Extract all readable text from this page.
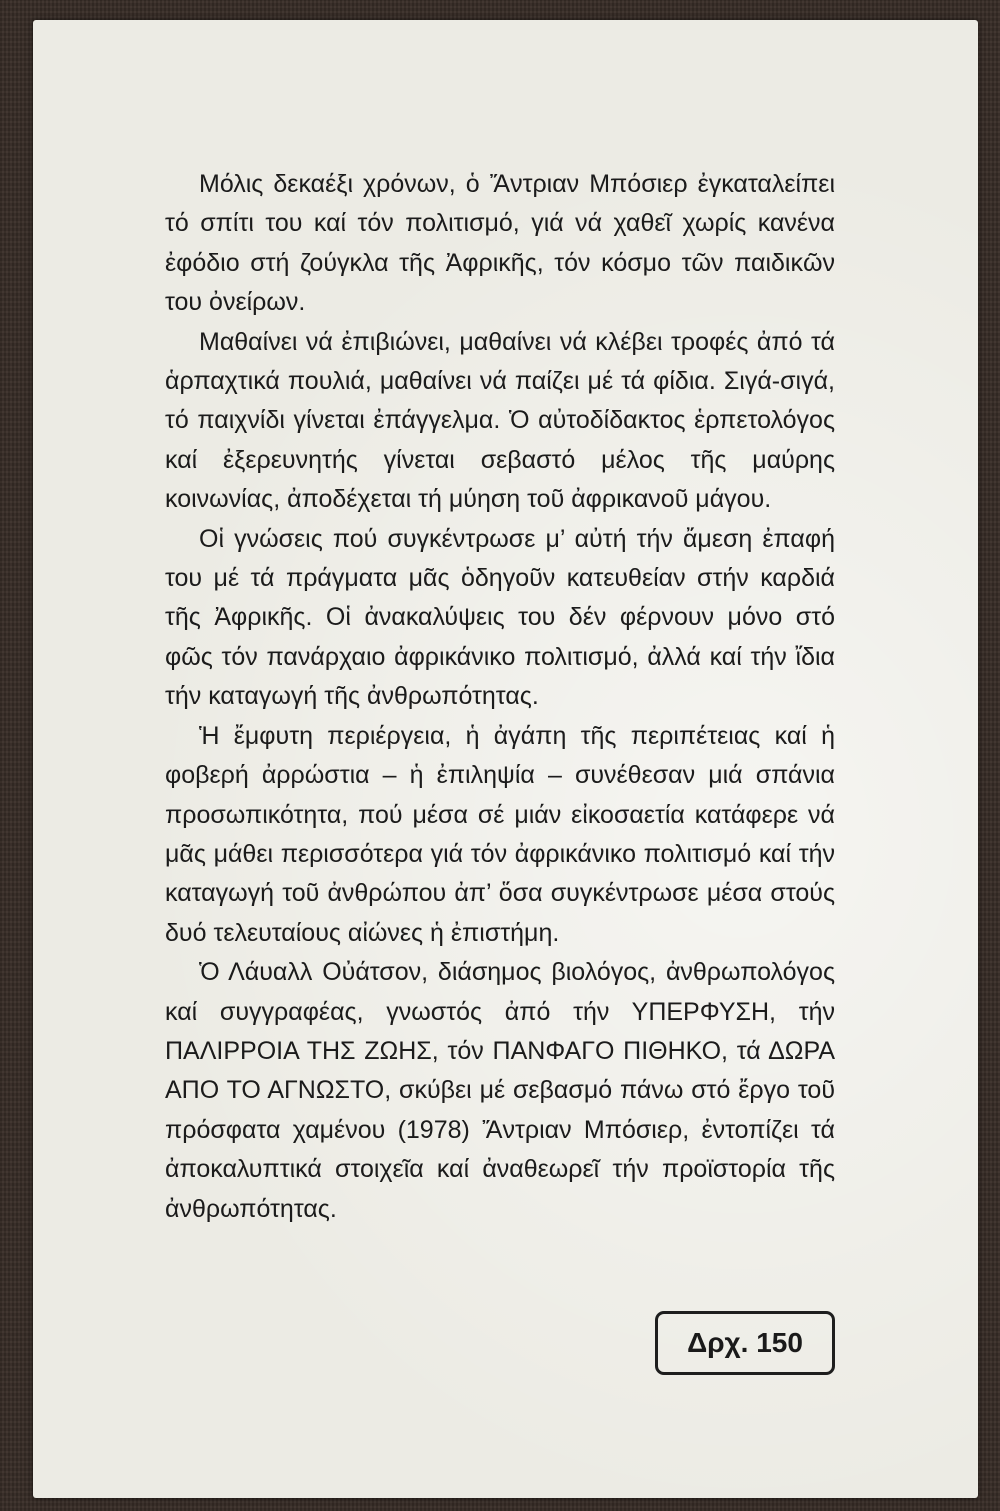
Μόλις δεκαέξι χρόνων, ὁ Ἄντριαν Μπόσιερ ἐγκαταλείπει τό σπίτι του καί τόν πολιτισμό, γιά νά χαθεῖ χωρίς κανένα ἐφόδιο στή ζούγκλα τῆς Ἀφρικῆς, τόν κόσμο τῶν παιδικῶν του ὀνείρων.

Μαθαίνει νά ἐπιβιώνει, μαθαίνει νά κλέβει τροφές ἀπό τά ἁρπαχτικά πουλιά, μαθαίνει νά παίζει μέ τά φίδια. Σιγά-σιγά, τό παιχνίδι γίνεται ἐπάγγελμα. Ὁ αὐτοδίδακτος ἑρπετολόγος καί ἐξερευνητής γίνεται σεβαστό μέλος τῆς μαύρης κοινωνίας, ἀποδέχεται τή μύηση τοῦ ἀφρικανοῦ μάγου.

Οἱ γνώσεις πού συγκέντρωσε μ’ αὐτή τήν ἄμεση ἐπαφή του μέ τά πράγματα μᾶς ὁδηγοῦν κατευθείαν στήν καρδιά τῆς Ἀφρικῆς. Οἱ ἀνακαλύψεις του δέν φέρνουν μόνο στό φῶς τόν πανάρχαιο ἀφρικάνικο πολιτισμό, ἀλλά καί τήν ἴδια τήν καταγωγή τῆς ἀνθρωπότητας.

Ἡ ἔμφυτη περιέργεια, ἡ ἀγάπη τῆς περιπέτειας καί ἡ φοβερή ἀρρώστια – ἡ ἐπιληψία – συνέθεσαν μιά σπάνια προσωπικότητα, πού μέσα σέ μιάν εἰκοσαετία κατάφερε νά μᾶς μάθει περισσότερα γιά τόν ἀφρικάνικο πολιτισμό καί τήν καταγωγή τοῦ ἀνθρώπου ἀπ’ ὅσα συγκέντρωσε μέσα στούς δυό τελευταίους αἰώνες ἡ ἐπιστήμη.

Ὁ Λάυαλλ Οὐάτσον, διάσημος βιολόγος, ἀνθρωπολόγος καί συγγραφέας, γνωστός ἀπό τήν ΥΠΕΡΦΥΣΗ, τήν ΠΑΛΙΡΡΟΙΑ ΤΗΣ ΖΩΗΣ, τόν ΠΑΝΦΑΓΟ ΠΙΘΗΚΟ, τά ΔΩΡΑ ΑΠΟ ΤΟ ΑΓΝΩΣΤΟ, σκύβει μέ σεβασμό πάνω στό ἔργο τοῦ πρόσφατα χαμένου (1978) Ἄντριαν Μπόσιερ, ἐντοπίζει τά ἀποκαλυπτικά στοιχεῖα καί ἀναθεωρεῖ τήν προϊστορία τῆς ἀνθρωπότητας.

Δρχ. 150
